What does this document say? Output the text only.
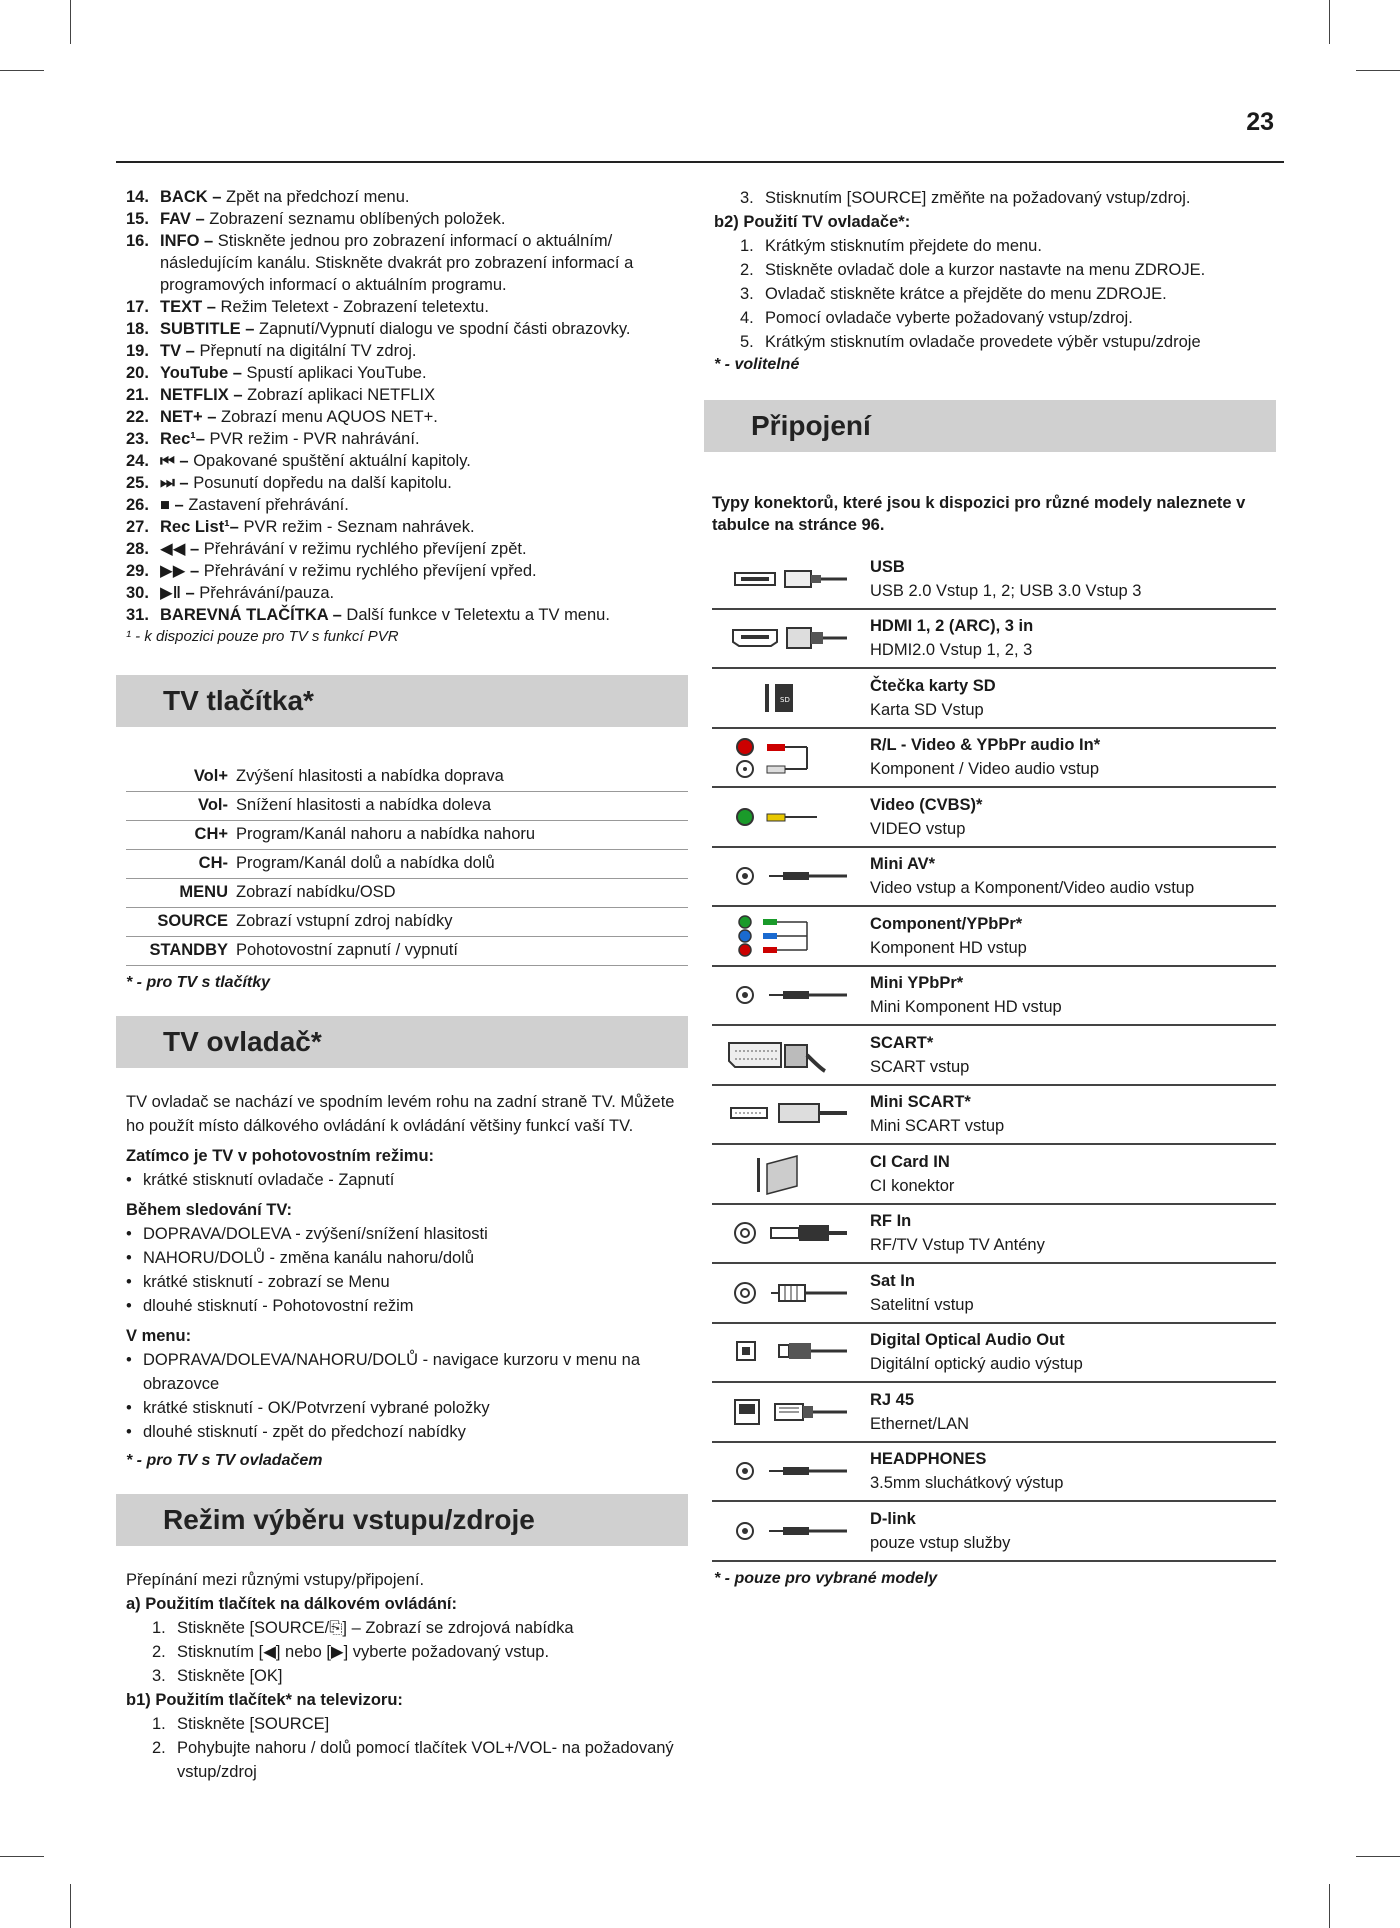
23
14. BACK – Zpět na předchozí menu.
15. FAV – Zobrazení seznamu oblíbených položek.
16. INFO – Stiskněte jednou pro zobrazení informací o aktuálním/ následujícím kanálu. Stiskněte dvakrát pro zobrazení informací a programových informací o aktuálním programu.
17. TEXT – Režim Teletext - Zobrazení teletextu.
18. SUBTITLE – Zapnutí/Vypnutí dialogu ve spodní části obrazovky.
19. TV – Přepnutí na digitální TV zdroj.
20. YouTube – Spustí aplikaci YouTube.
21. NETFLIX – Zobrazí aplikaci NETFLIX
22. NET+ – Zobrazí menu AQUOS NET+.
23. Rec¹– PVR režim - PVR nahrávání.
24. ⏮ – Opakované spuštění aktuální kapitoly.
25. ⏭ – Posunutí dopředu na další kapitolu.
26. ■ – Zastavení přehrávání.
27. Rec List¹– PVR režim - Seznam nahrávek.
28. ◀◀ – Přehrávání v režimu rychlého převíjení zpět.
29. ▶▶ – Přehrávání v režimu rychlého převíjení vpřed.
30. ▶‖ – Přehrávání/pauza.
31. BAREVNÁ TLAČÍTKA – Další funkce v Teletextu a TV menu.
¹ - k dispozici pouze pro TV s funkcí PVR
TV tlačítka*
Vol+	Zvýšení hlasitosti a nabídka doprava
Vol-	Snížení hlasitosti a nabídka doleva
CH+	Program/Kanál nahoru a nabídka nahoru
CH-	Program/Kanál dolů a nabídka dolů
MENU	Zobrazí nabídku/OSD
SOURCE	Zobrazí vstupní zdroj nabídky
STANDBY	Pohotovostní zapnutí / vypnutí
* - pro TV s tlačítky
TV ovladač*
TV ovladač se nachází ve spodním levém rohu na zadní straně TV. Můžete ho použít místo dálkového ovládání k ovládání většiny funkcí vaší TV.
Zatímco je TV v pohotovostním režimu:
• krátké stisknutí ovladače - Zapnutí
Během sledování TV:
• DOPRAVA/DOLEVA - zvýšení/snížení hlasitosti
• NAHORU/DOLŮ - změna kanálu nahoru/dolů
• krátké stisknutí - zobrazí se Menu
• dlouhé stisknutí - Pohotovostní režim
V menu:
• DOPRAVA/DOLEVA/NAHORU/DOLŮ - navigace kurzoru v menu na obrazovce
• krátké stisknutí - OK/Potvrzení vybrané položky
• dlouhé stisknutí - zpět do předchozí nabídky
* - pro TV s TV ovladačem
Režim výběru vstupu/zdroje
Přepínání mezi různými vstupy/připojení.
a) Použitím tlačítek na dálkovém ovládání:
1. Stiskněte [SOURCE/⎘] – Zobrazí se zdrojová nabídka
2. Stisknutím [◀] nebo [▶] vyberte požadovaný vstup.
3. Stiskněte [OK]
b1) Použitím tlačítek* na televizoru:
1. Stiskněte [SOURCE]
2. Pohybujte nahoru / dolů pomocí tlačítek VOL+/VOL- na požadovaný vstup/zdroj
3. Stisknutím [SOURCE] změňte na požadovaný vstup/zdroj.
b2) Použití TV ovladače*:
1. Krátkým stisknutím přejdete do menu.
2. Stiskněte ovladač dole a kurzor nastavte na menu ZDROJE.
3. Ovladač stiskněte krátce a přejděte do menu ZDROJE.
4. Pomocí ovladače vyberte požadovaný vstup/zdroj.
5. Krátkým stisknutím ovladače provedete výběr vstupu/zdroje
* - volitelné
Připojení
Typy konektorů, které jsou k dispozici pro různé modely naleznete v tabulce na stránce 96.
USB
USB 2.0 Vstup 1, 2; USB 3.0 Vstup 3
HDMI 1, 2 (ARC), 3 in
HDMI2.0 Vstup 1, 2, 3
SD
Čtečka karty SD
Karta SD Vstup
R/L - Video & YPbPr audio In*
Komponent / Video audio vstup
Video (CVBS)*
VIDEO vstup
Mini AV*
Video vstup a Komponent/Video audio vstup
Component/YPbPr*
Komponent HD vstup
Mini YPbPr*
Mini Komponent HD vstup
SCART*
SCART vstup
Mini SCART*
Mini SCART vstup
CI Card IN
CI konektor
RF In
RF/TV Vstup TV Antény
Sat In
Satelitní vstup
Digital Optical Audio Out
Digitální optický audio výstup
RJ 45
Ethernet/LAN
HEADPHONES
3.5mm sluchátkový výstup
D-link
pouze vstup služby
* - pouze pro vybrané modely
